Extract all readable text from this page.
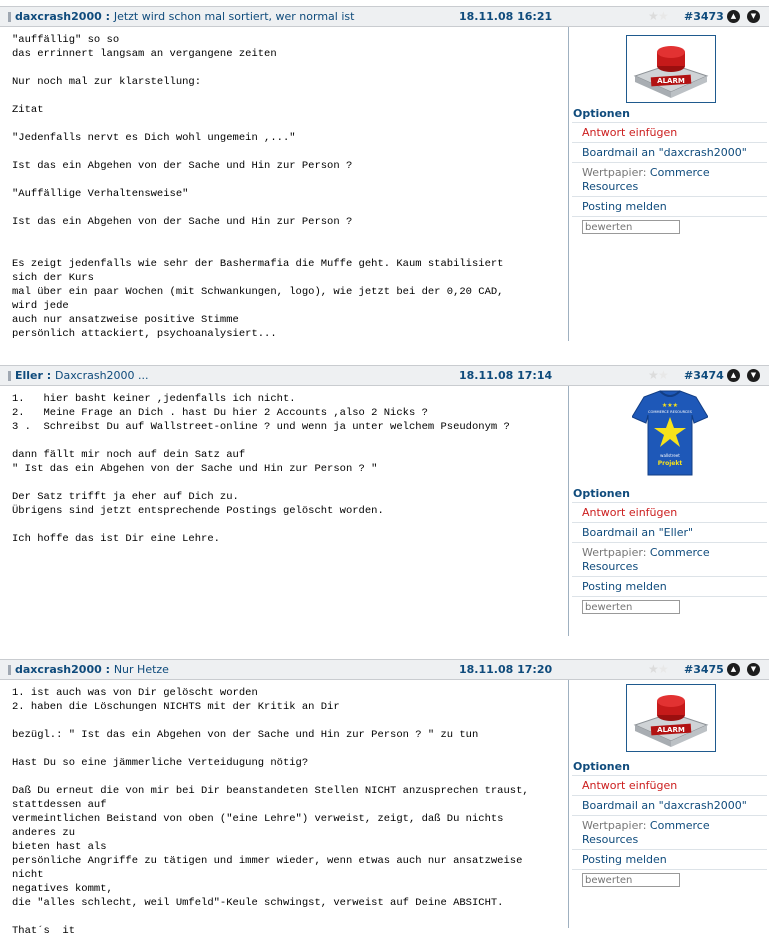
daxcrash2000 : Jetzt wird schon mal sortiert, wer normal ist	18.11.08 16:21	★ ★ #3473 ▲	▼
"auffällig" so so
das errinnert langsam an vergangene zeiten

Nur noch mal zur klarstellung:

Zitat

"Jedenfalls nervt es Dich wohl ungemein ,..."

Ist das ein Abgehen von der Sache und Hin zur Person ?

"Auffällige Verhaltensweise"

Ist das ein Abgehen von der Sache und Hin zur Person ?

Es zeigt jedenfalls wie sehr der Bashermafia die Muffe geht. Kaum stabilisiert sich der Kurs
mal über ein paar Wochen (mit Schwankungen, logo), wie jetzt bei der 0,20 CAD, wird jede
auch nur ansatzweise positive Stimme
persönlich attackiert, psychoanalysiert...
ALARM
Optionen
Antwort einfügen
Boardmail an "daxcrash2000"
Wertpapier: Commerce Resources
Posting melden
bewerten
Eller : Daxcrash2000 ...	18.11.08 17:14	★ ★ #3474 ▲	▼
1.   hier basht keiner ,jedenfalls ich nicht.
2.   Meine Frage an Dich . hast Du hier 2 Accounts ,also 2 Nicks ?
3 .  Schreibst Du auf Wallstreet-online ? und wenn ja unter welchem Pseudonym ?

dann fällt mir noch auf dein Satz auf
" Ist das ein Abgehen von der Sache und Hin zur Person ? "

Der Satz trifft ja eher auf Dich zu.
Übrigens sind jetzt entsprechende Postings gelöscht worden.

Ich hoffe das ist Dir eine Lehre.
★★★
COMMERCE RESOURCES
wallstreet
Projekt
Optionen
Antwort einfügen
Boardmail an "Eller"
Wertpapier: Commerce Resources
Posting melden
bewerten
daxcrash2000 : Nur Hetze	18.11.08 17:20	★ ★ #3475 ▲	▼
1. ist auch was von Dir gelöscht worden
2. haben die Löschungen NICHTS mit der Kritik an Dir

bezügl.: " Ist das ein Abgehen von der Sache und Hin zur Person ? " zu tun

Hast Du so eine jämmerliche Verteidugung nötig?

Daß Du erneut die von mir bei Dir beanstandeten Stellen NICHT anzusprechen traust,
stattdessen auf
vermeintlichen Beistand von oben ("eine Lehre") verweist, zeigt, daß Du nichts anderes zu
bieten hast als
persönliche Angriffe zu tätigen und immer wieder, wenn etwas auch nur ansatzweise nicht
negatives kommt,
die "alles schlecht, weil Umfeld"-Keule schwingst, verweist auf Deine ABSICHT.

That´s  it
ALARM
Optionen
Antwort einfügen
Boardmail an "daxcrash2000"
Wertpapier: Commerce Resources
Posting melden
bewerten
